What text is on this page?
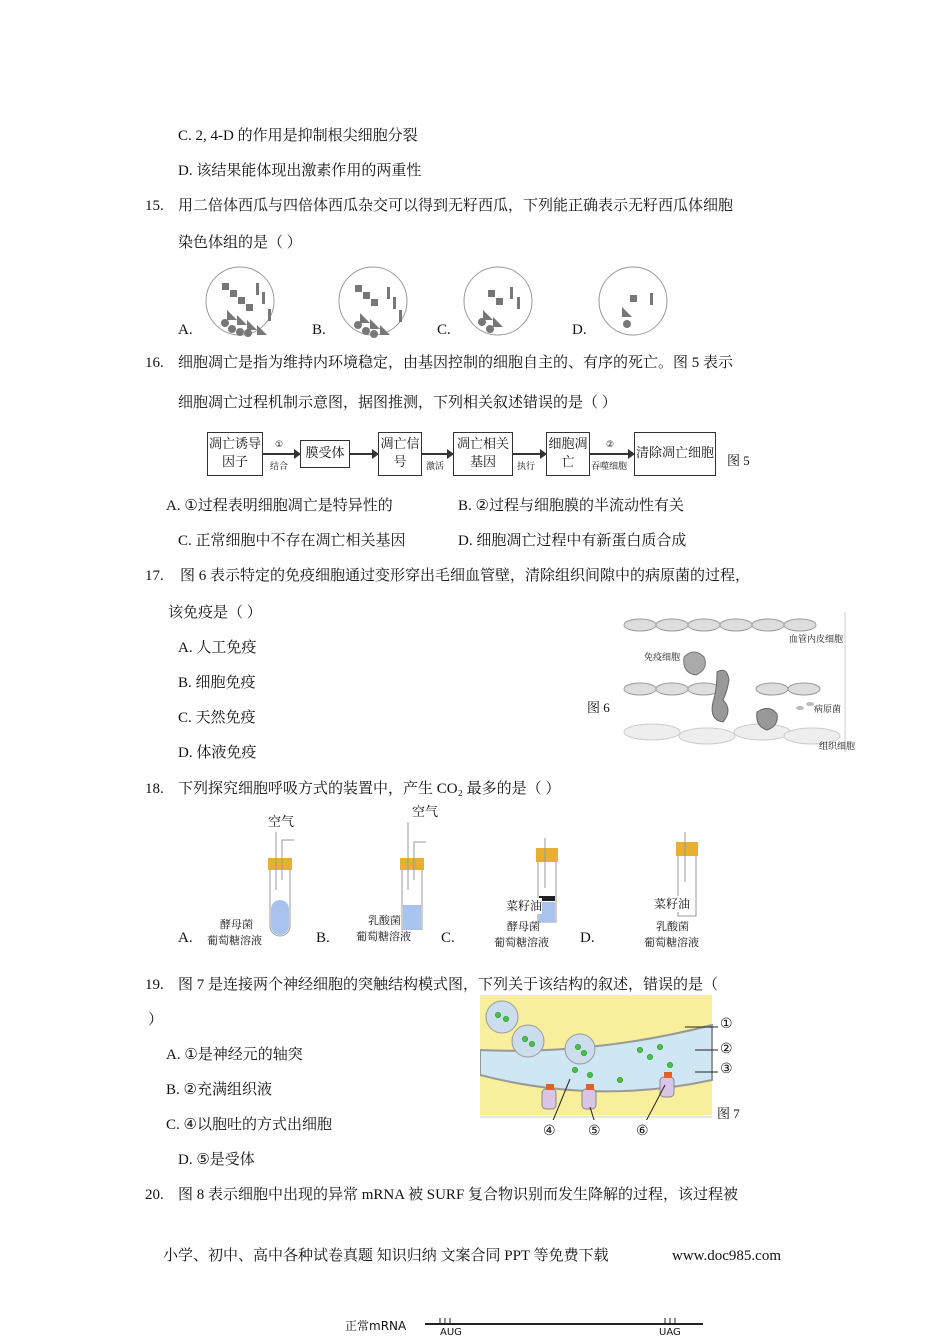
C. 2, 4-D 的作用是抑制根尖细胞分裂
D. 该结果能体现出激素作用的两重性
15. 用二倍体西瓜与四倍体西瓜杂交可以得到无籽西瓜，下列能正确表示无籽西瓜体细胞
染色体组的是（ ）
A.	B.	C.	D.
16. 细胞凋亡是指为维持内环境稳定，由基因控制的细胞自主的、有序的死亡。图 5 表示
细胞凋亡过程机制示意图，据图推测，下列相关叙述错误的是（ ）
凋亡诱导因子
①
结合
膜受体
凋亡信号	激活
凋亡相关基因	执行
细胞凋亡
②
吞噬细胞
清除凋亡细胞 图 5
A. ①过程表明细胞凋亡是特异性的	B. ②过程与细胞膜的半流动性有关
C. 正常细胞中不存在凋亡相关基因	D. 细胞凋亡过程中有新蛋白质合成
17. 图 6 表示特定的免疫细胞通过变形穿出毛细血管壁，清除组织间隙中的病原菌的过程，
该免疫是（ ）
A. 人工免疫
B. 细胞免疫
C. 天然免疫
D. 体液免疫
图 6
血管内皮细胞
免疫细胞
病原菌
组织细胞
18. 下列探究细胞呼吸方式的装置中，产生 CO₂ 最多的是（ ）
空气
酵母菌
葡萄糖溶液
A.
空气
乳酸菌
葡萄糖溶液
B.
菜籽油
酵母菌
葡萄糖溶液
C.
菜籽油
乳酸菌
葡萄糖溶液
D.
19. 图 7 是连接两个神经细胞的突触结构模式图，下列关于该结构的叙述，错误的是（
）
A. ①是神经元的轴突
B. ②充满组织液
C. ④以胞吐的方式出细胞
D. ⑤是受体
①
②
③
④ ⑤	⑥
图 7
20. 图 8 表示细胞中出现的异常 mRNA 被 SURF 复合物识别而发生降解的过程，该过程被
小学、初中、高中各种试卷真题 知识归纳 文案合同 PPT 等免费下载	www.doc985.com
正常mRNA	AUG	UAG
